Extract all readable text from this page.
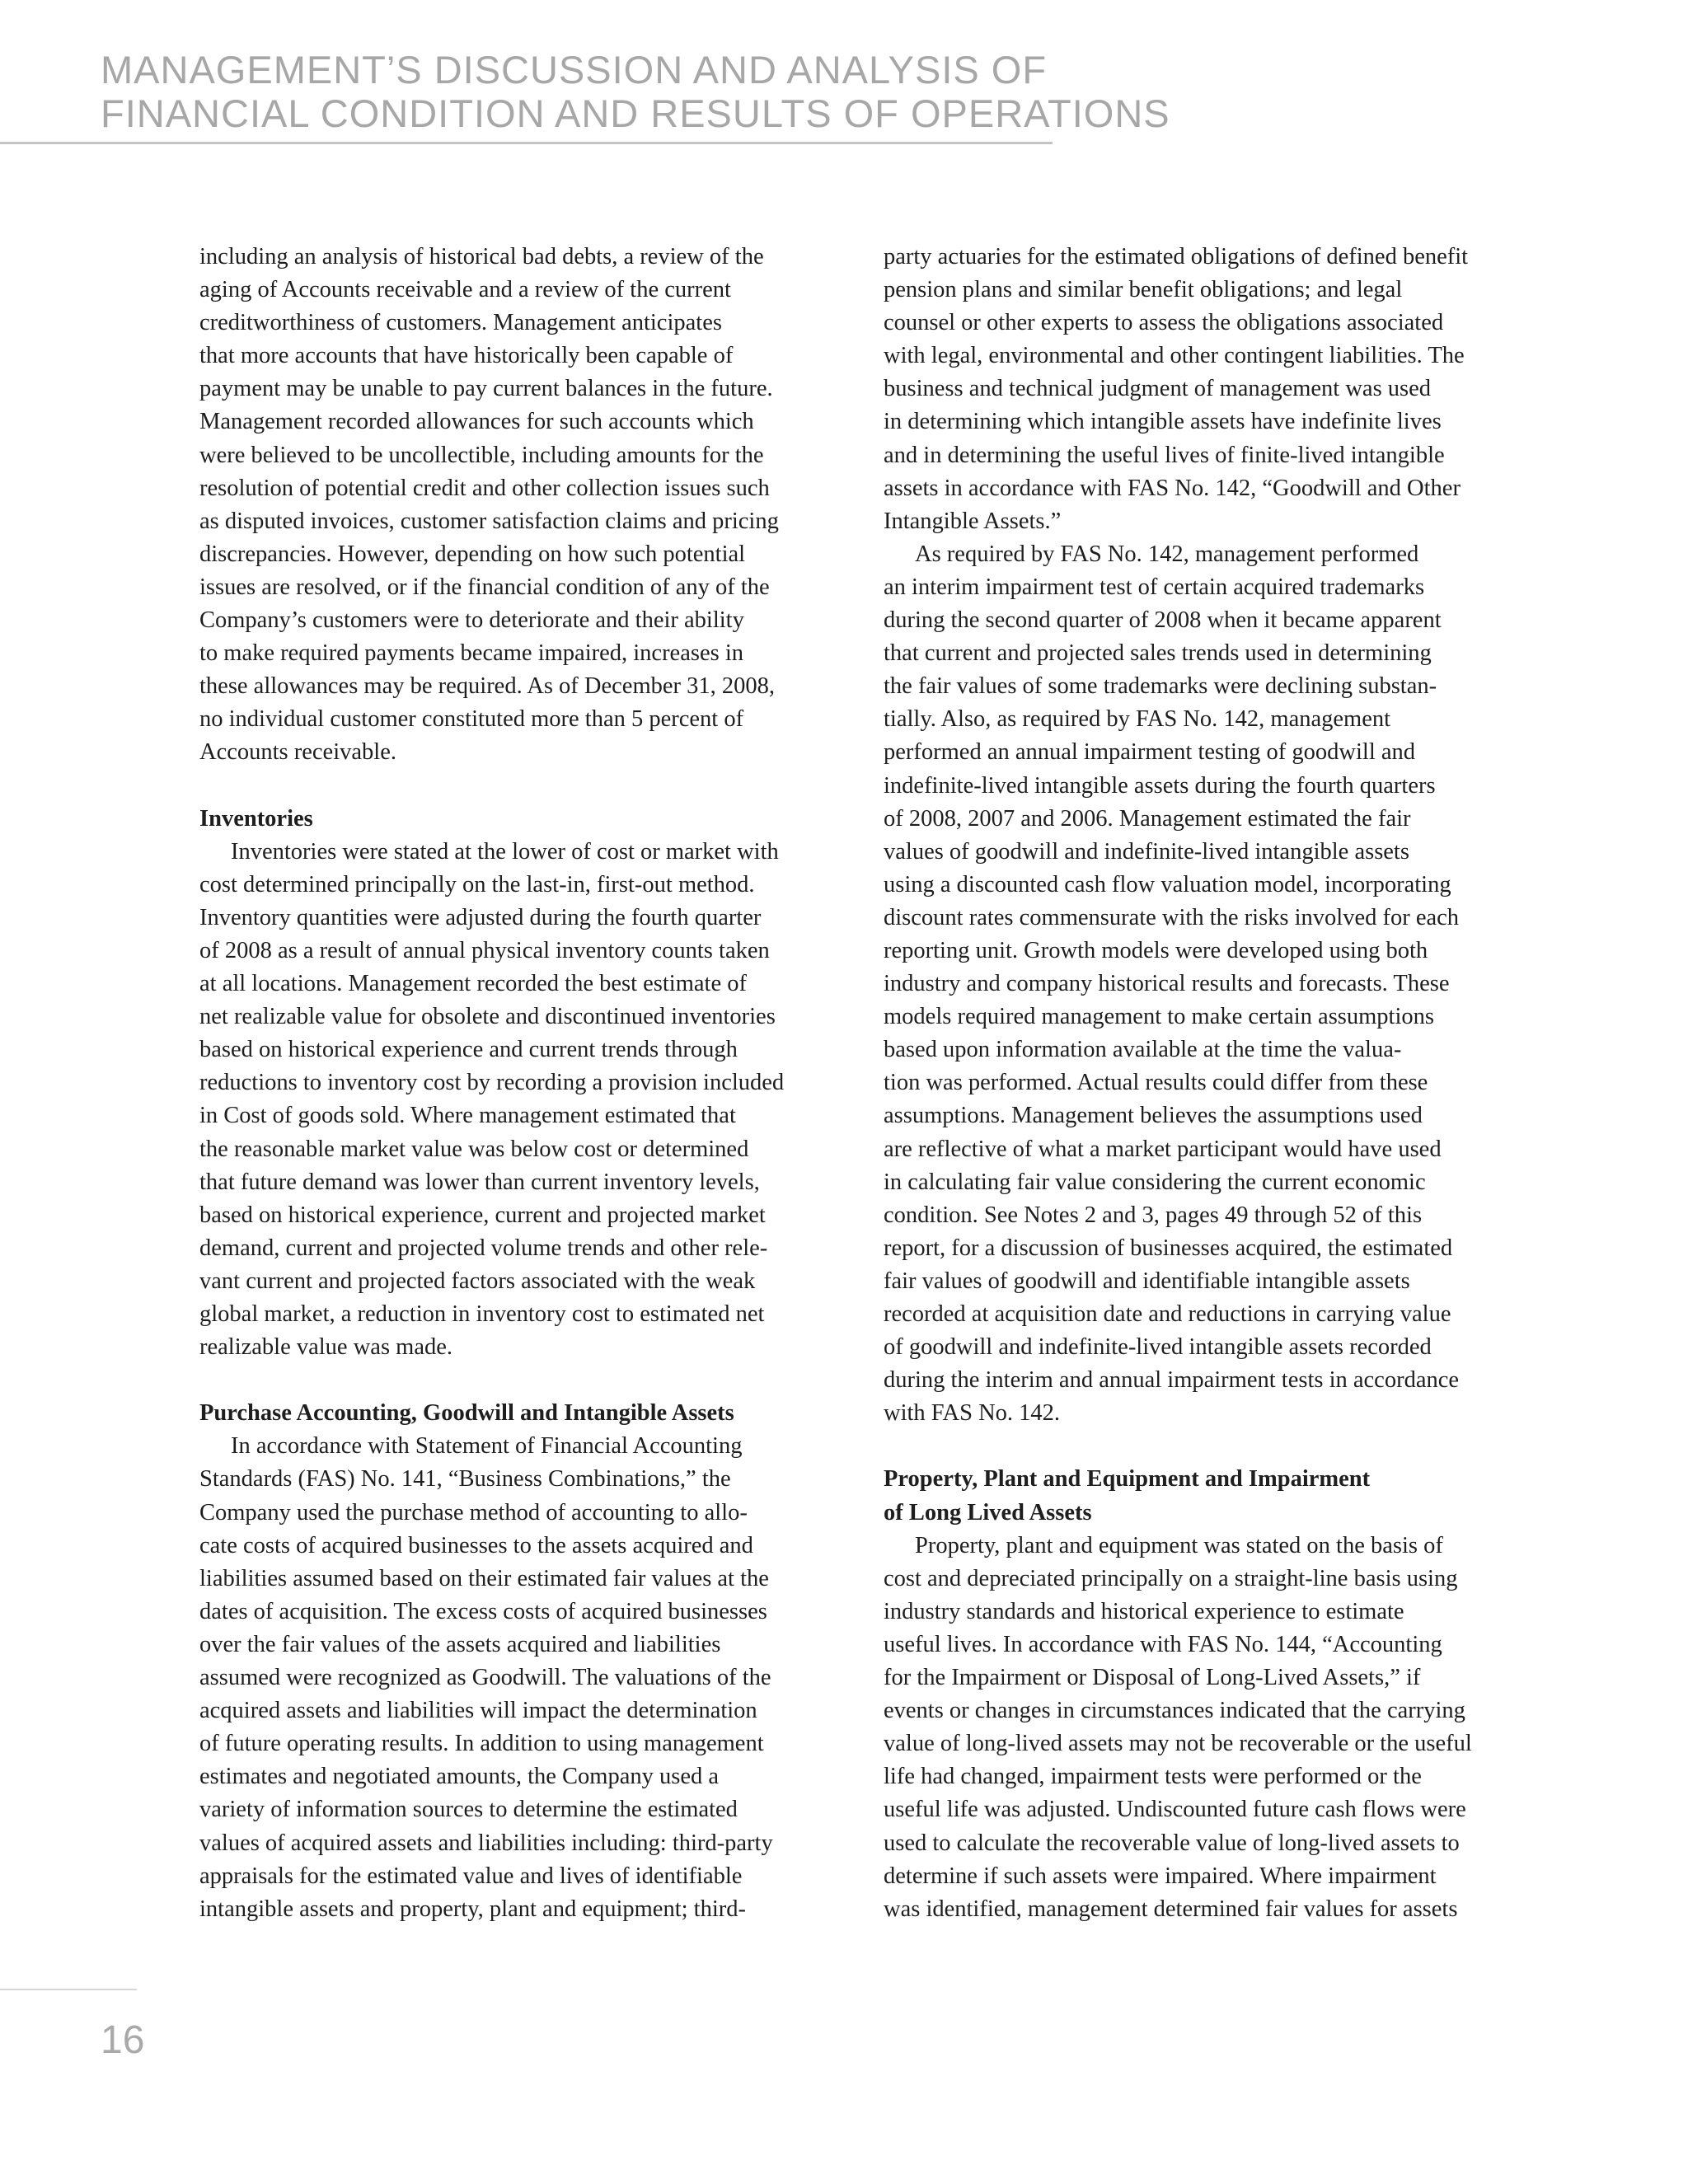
MANAGEMENT’S DISCUSSION AND ANALYSIS OF
FINANCIAL CONDITION AND RESULTS OF OPERATIONS
including an analysis of historical bad debts, a review of the
aging of Accounts receivable and a review of the current
creditworthiness of customers. Management anticipates
that more accounts that have historically been capable of
payment may be unable to pay current balances in the future.
Management recorded allowances for such accounts which
were believed to be uncollectible, including amounts for the
resolution of potential credit and other collection issues such
as disputed invoices, customer satisfaction claims and pricing
discrepancies. However, depending on how such potential
issues are resolved, or if the financial condition of any of the
Company’s customers were to deteriorate and their ability
to make required payments became impaired, increases in
these allowances may be required. As of December 31, 2008,
no individual customer constituted more than 5 percent of
Accounts receivable.
Inventories
Inventories were stated at the lower of cost or market with
cost determined principally on the last-in, first-out method.
Inventory quantities were adjusted during the fourth quarter
of 2008 as a result of annual physical inventory counts taken
at all locations. Management recorded the best estimate of
net realizable value for obsolete and discontinued inventories
based on historical experience and current trends through
reductions to inventory cost by recording a provision included
in Cost of goods sold. Where management estimated that
the reasonable market value was below cost or determined
that future demand was lower than current inventory levels,
based on historical experience, current and projected market
demand, current and projected volume trends and other rele-
vant current and projected factors associated with the weak
global market, a reduction in inventory cost to estimated net
realizable value was made.
Purchase Accounting, Goodwill and Intangible Assets
In accordance with Statement of Financial Accounting
Standards (FAS) No. 141, “Business Combinations,” the
Company used the purchase method of accounting to allo-
cate costs of acquired businesses to the assets acquired and
liabilities assumed based on their estimated fair values at the
dates of acquisition. The excess costs of acquired businesses
over the fair values of the assets acquired and liabilities
assumed were recognized as Goodwill. The valuations of the
acquired assets and liabilities will impact the determination
of future operating results. In addition to using management
estimates and negotiated amounts, the Company used a
variety of information sources to determine the estimated
values of acquired assets and liabilities including: third-party
appraisals for the estimated value and lives of identifiable
intangible assets and property, plant and equipment; third-
party actuaries for the estimated obligations of defined benefit
pension plans and similar benefit obligations; and legal
counsel or other experts to assess the obligations associated
with legal, environmental and other contingent liabilities. The
business and technical judgment of management was used
in determining which intangible assets have indefinite lives
and in determining the useful lives of finite-lived intangible
assets in accordance with FAS No. 142, “Goodwill and Other
Intangible Assets.”
As required by FAS No. 142, management performed
an interim impairment test of certain acquired trademarks
during the second quarter of 2008 when it became apparent
that current and projected sales trends used in determining
the fair values of some trademarks were declining substan-
tially. Also, as required by FAS No. 142, management
performed an annual impairment testing of goodwill and
indefinite-lived intangible assets during the fourth quarters
of 2008, 2007 and 2006. Management estimated the fair
values of goodwill and indefinite-lived intangible assets
using a discounted cash flow valuation model, incorporating
discount rates commensurate with the risks involved for each
reporting unit. Growth models were developed using both
industry and company historical results and forecasts. These
models required management to make certain assumptions
based upon information available at the time the valua-
tion was performed. Actual results could differ from these
assumptions. Management believes the assumptions used
are reflective of what a market participant would have used
in calculating fair value considering the current economic
condition. See Notes 2 and 3, pages 49 through 52 of this
report, for a discussion of businesses acquired, the estimated
fair values of goodwill and identifiable intangible assets
recorded at acquisition date and reductions in carrying value
of goodwill and indefinite-lived intangible assets recorded
during the interim and annual impairment tests in accordance
with FAS No. 142.
Property, Plant and Equipment and Impairment
of Long Lived Assets
Property, plant and equipment was stated on the basis of
cost and depreciated principally on a straight-line basis using
industry standards and historical experience to estimate
useful lives. In accordance with FAS No. 144, “Accounting
for the Impairment or Disposal of Long-Lived Assets,” if
events or changes in circumstances indicated that the carrying
value of long-lived assets may not be recoverable or the useful
life had changed, impairment tests were performed or the
useful life was adjusted. Undiscounted future cash flows were
used to calculate the recoverable value of long-lived assets to
determine if such assets were impaired. Where impairment
was identified, management determined fair values for assets
16
